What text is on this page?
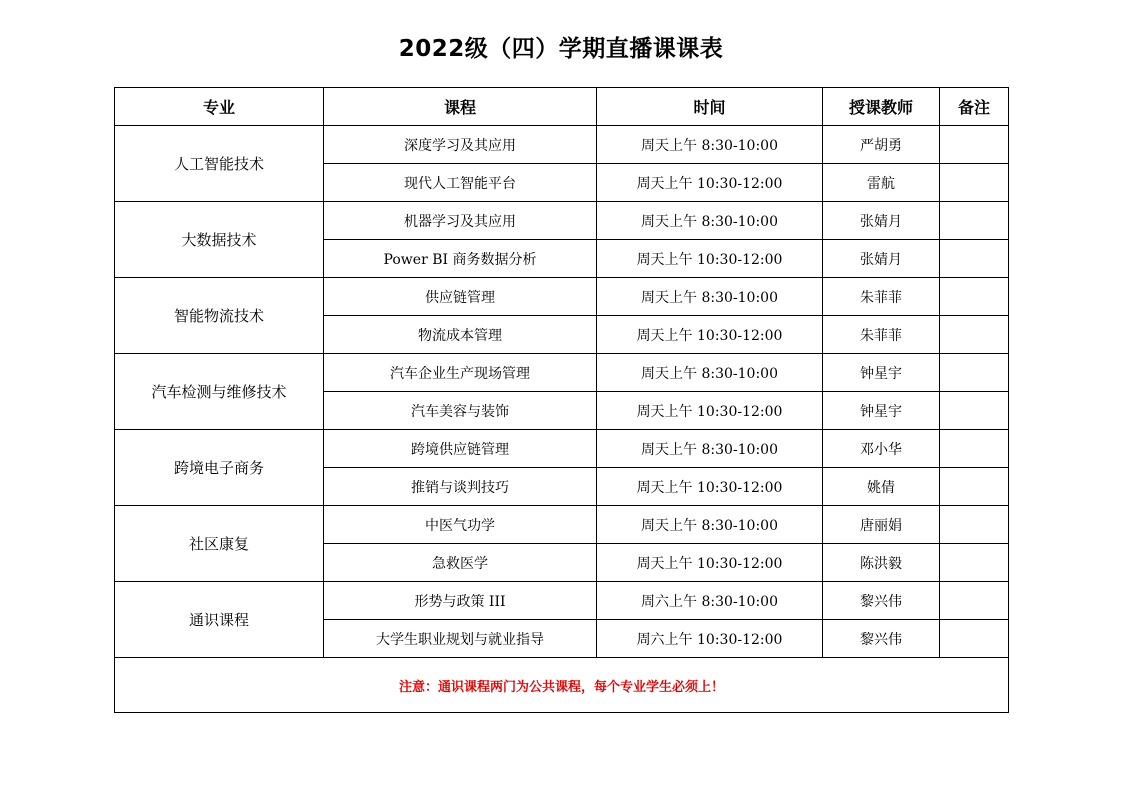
2022级（四）学期直播课课表
专业	课程	时间	授课教师	备注
人工智能技术	深度学习及其应用	周天上午 8:30-10:00	严胡勇	
	现代人工智能平台	周天上午 10:30-12:00	雷航	
大数据技术	机器学习及其应用	周天上午 8:30-10:00	张婧月	
	Power BI 商务数据分析	周天上午 10:30-12:00	张婧月	
智能物流技术	供应链管理	周天上午 8:30-10:00	朱菲菲	
	物流成本管理	周天上午 10:30-12:00	朱菲菲	
汽车检测与维修技术	汽车企业生产现场管理	周天上午 8:30-10:00	钟星宇	
	汽车美容与装饰	周天上午 10:30-12:00	钟星宇	
跨境电子商务	跨境供应链管理	周天上午 8:30-10:00	邓小华	
	推销与谈判技巧	周天上午 10:30-12:00	姚倩	
社区康复	中医气功学	周天上午 8:30-10:00	唐丽娟	
	急救医学	周天上午 10:30-12:00	陈洪毅	
通识课程	形势与政策 III	周六上午 8:30-10:00	黎兴伟	
	大学生职业规划与就业指导	周六上午 10:30-12:00	黎兴伟	
注意：通识课程两门为公共课程，每个专业学生必须上！				
